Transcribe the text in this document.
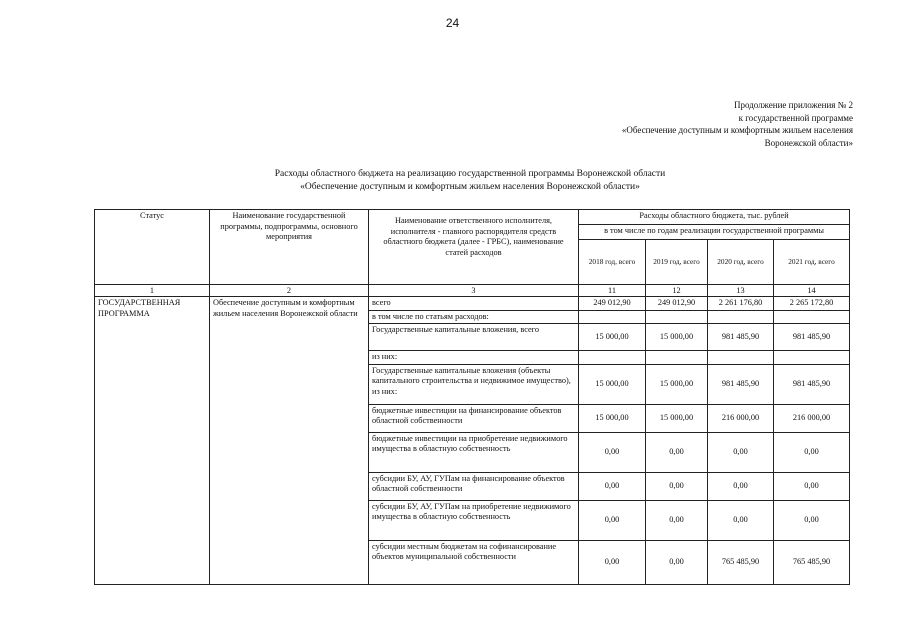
24
Продолжение приложения № 2
к государственной программе
«Обеспечение доступным и комфортным жильем населения
Воронежской области»
Расходы областного бюджета на реализацию государственной программы Воронежской области
«Обеспечение доступным и комфортным жильем населения Воронежской области»
Статус	Наименование государственной программы, подпрограммы, основного мероприятия	Наименование ответственного исполнителя, исполнителя - главного распорядителя средств областного бюджета (далее - ГРБС), наименование статей расходов	Расходы областного бюджета, тыс. рублей			
			в том числе по годам реализации государственной программы			
			2018 год, всего	2019 год, всего	2020 год, всего	2021 год, всего
1	2	3	11	12	13	14
ГОСУДАРСТВЕННАЯ ПРОГРАММА	Обеспечение доступным и комфортным жильем населения Воронежской области	всего	249 012,90	249 012,90	2 261 176,80	2 265 172,80
		в том числе по статьям расходов:				
		Государственные капитальные вложения, всего	15 000,00	15 000,00	981 485,90	981 485,90
		из них:				
		Государственные капитальные вложения (объекты капитального строительства и недвижимое имущество), из них:	15 000,00	15 000,00	981 485,90	981 485,90
		бюджетные инвестиции на финансирование объектов областной собственности	15 000,00	15 000,00	216 000,00	216 000,00
		бюджетные инвестиции на приобретение недвижимого имущества в областную собственность	0,00	0,00	0,00	0,00
		субсидии БУ, АУ, ГУПам на финансирование объектов областной собственности	0,00	0,00	0,00	0,00
		субсидии БУ, АУ, ГУПам на приобретение недвижимого имущества в областную собственность	0,00	0,00	0,00	0,00
		субсидии местным бюджетам на софинансирование объектов муниципальной собственности	0,00	0,00	765 485,90	765 485,90
